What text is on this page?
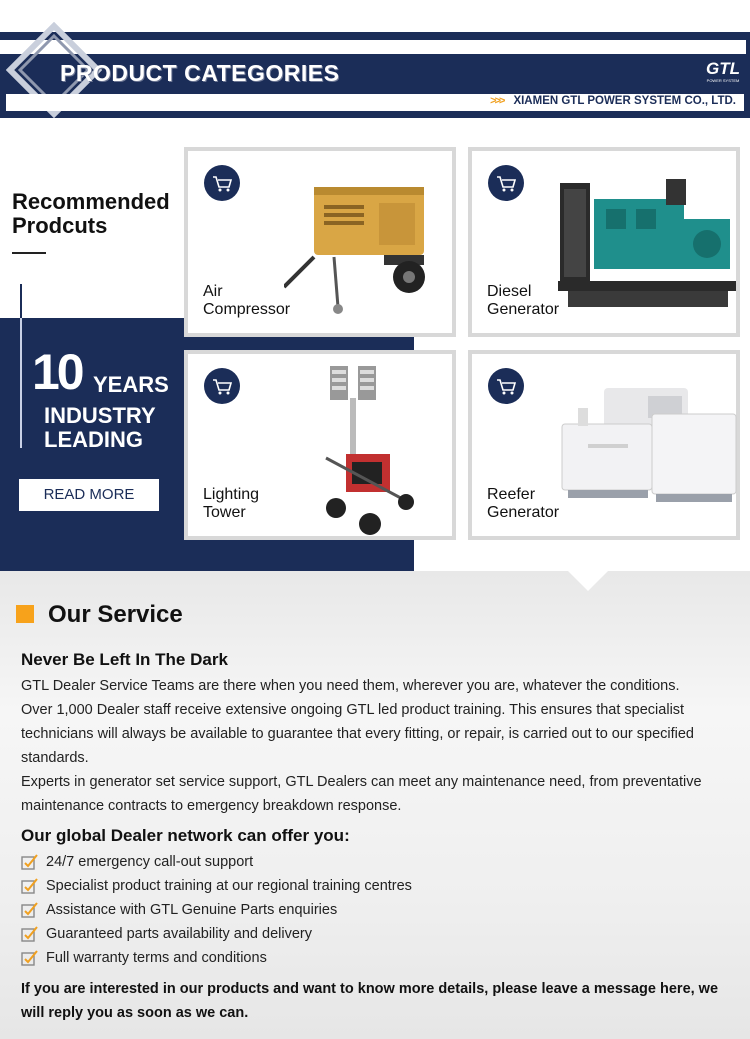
PRODUCT CATEGORIES	GTL
POWER SYSTEM
>>> XIAMEN GTL POWER SYSTEM CO., LTD.
Recommended
Prodcuts
10 YEARS
INDUSTRY
LEADING
READ MORE
Air
Compressor
Diesel
Generator
Lighting
Tower
Reefer
Generator
Our Service
Never Be Left In The Dark

GTL Dealer Service Teams are there when you need them, wherever you are, whatever the conditions.

Over 1,000 Dealer staff receive extensive ongoing GTL led product training. This ensures that specialist technicians will always be available to guarantee that every fitting, or repair, is carried out to our specified standards.

Experts in generator set service support, GTL Dealers can meet any maintenance need, from preventative maintenance contracts to emergency breakdown response.

Our global Dealer network can offer you:
24/7 emergency call-out support
Specialist product training at our regional training centres
Assistance with GTL Genuine Parts enquiries
Guaranteed parts availability and delivery
Full warranty terms and conditions

If you are interested in our products and want to know more details, please leave a message here, we will reply you as soon as we can.
